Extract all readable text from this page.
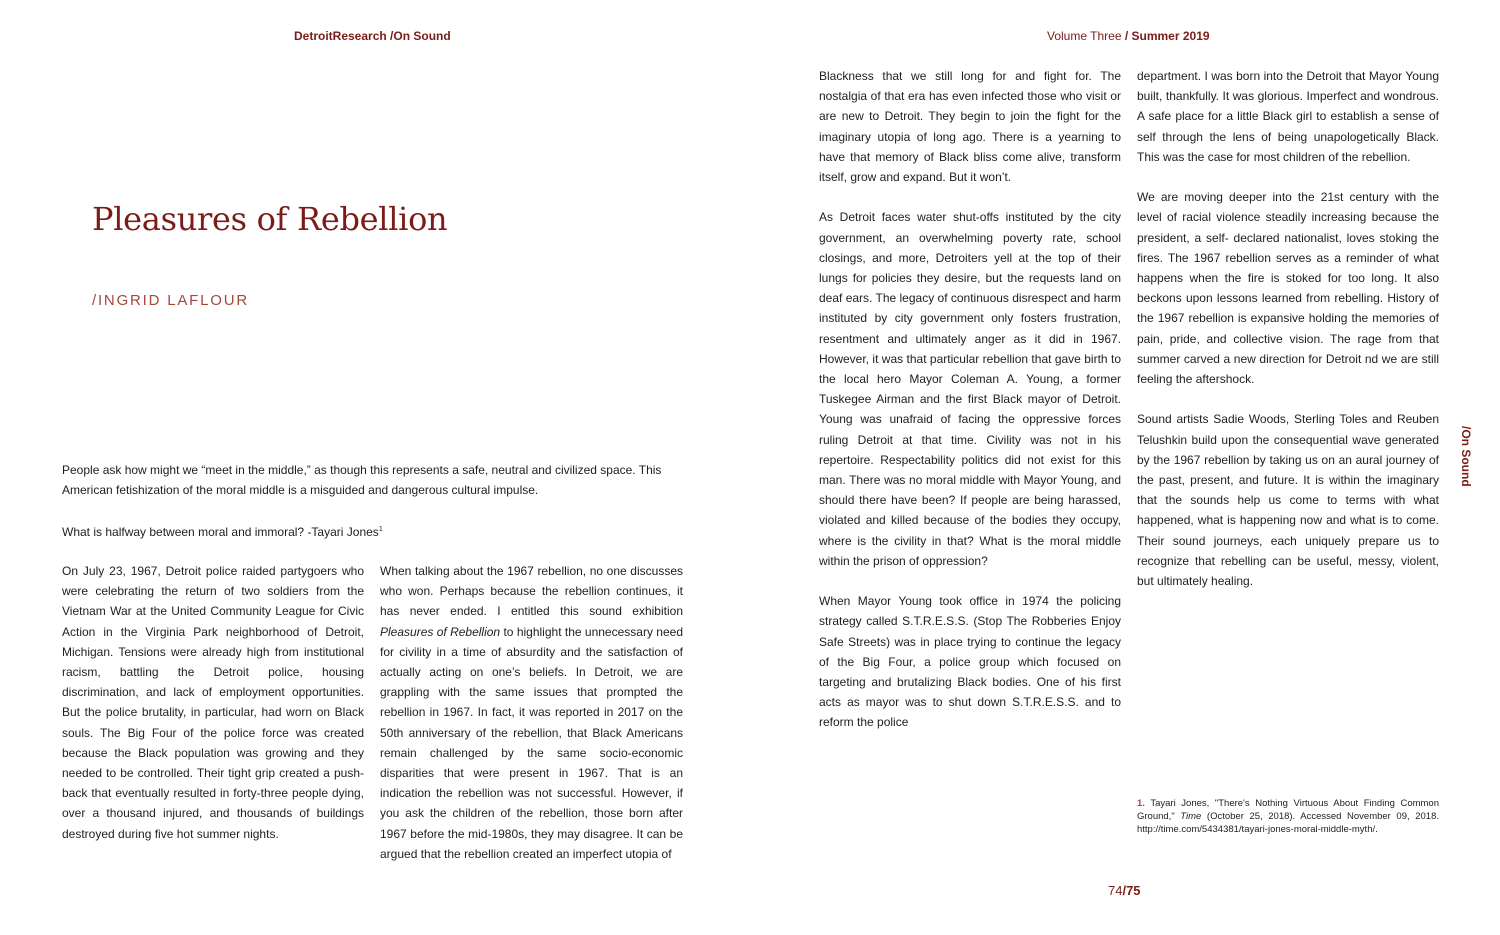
DetroitResearch /On Sound	Volume Three / Summer 2019
Pleasures of Rebellion
/INGRID LAFLOUR

People ask how might we “meet in the middle,” as though this represents a safe, neutral and civilized space. This American fetishization of the moral middle is a misguided and dangerous cultural impulse.

What is halfway between moral and immoral? -Tayari Jones$^1$

On July 23, 1967, Detroit police raided partygoers who were celebrating the return of two soldiers from the Vietnam War at the United Community League for Civic Action in the Virginia Park neighborhood of Detroit, Michigan. Tensions were already high from institutional racism, battling the Detroit police, housing discrimination, and lack of employment opportunities. But the police brutality, in particular, had worn on Black souls. The Big Four of the police force was created because the Black population was growing and they needed to be controlled. Their tight grip created a push-back that eventually resulted in forty-three people dying, over a thousand injured, and thousands of buildings destroyed during five hot summer nights.

When talking about the 1967 rebellion, no one discusses who won. Perhaps because the rebellion continues, it has never ended. I entitled this sound exhibition Pleasures of Rebellion to highlight the unnecessary need for civility in a time of absurdity and the satisfaction of actually acting on one’s beliefs. In Detroit, we are grappling with the same issues that prompted the rebellion in 1967. In fact, it was reported in 2017 on the 50th anniversary of the rebellion, that Black Americans remain challenged by the same socio-economic disparities that were present in 1967. That is an indication the rebellion was not successful. However, if you ask the children of the rebellion, those born after 1967 before the mid-1980s, they may disagree. It can be argued that the rebellion created an imperfect utopia of

Blackness that we still long for and fight for. The nostalgia of that era has even infected those who visit or are new to Detroit. They begin to join the fight for the imaginary utopia of long ago. There is a yearning to have that memory of Black bliss come alive, transform itself, grow and expand. But it won’t.

As Detroit faces water shut-offs instituted by the city government, an overwhelming poverty rate, school closings, and more, Detroiters yell at the top of their lungs for policies they desire, but the requests land on deaf ears. The legacy of continuous disrespect and harm instituted by city government only fosters frustration, resentment and ultimately anger as it did in 1967. However, it was that particular rebellion that gave birth to the local hero Mayor Coleman A. Young, a former Tuskegee Airman and the first Black mayor of Detroit. Young was unafraid of facing the oppressive forces ruling Detroit at that time. Civility was not in his repertoire. Respectability politics did not exist for this man. There was no moral middle with Mayor Young, and should there have been? If people are being harassed, violated and killed because of the bodies they occupy, where is the civility in that? What is the moral middle within the prison of oppression?

When Mayor Young took office in 1974 the policing strategy called S.T.R.E.S.S. (Stop The Robberies Enjoy Safe Streets) was in place trying to continue the legacy of the Big Four, a police group which focused on targeting and brutalizing Black bodies. One of his first acts as mayor was to shut down S.T.R.E.S.S. and to reform the police

department. I was born into the Detroit that Mayor Young built, thankfully. It was glorious. Imperfect and wondrous. A safe place for a little Black girl to establish a sense of self through the lens of being unapologetically Black. This was the case for most children of the rebellion.

We are moving deeper into the 21st century with the level of racial violence steadily increasing because the president, a self- declared nationalist, loves stoking the fires. The 1967 rebellion serves as a reminder of what happens when the fire is stoked for too long. It also beckons upon lessons learned from rebelling. History of the 1967 rebellion is expansive holding the memories of pain, pride, and collective vision. The rage from that summer carved a new direction for Detroit nd we are still feeling the aftershock.

Sound artists Sadie Woods, Sterling Toles and Reuben Telushkin build upon the consequential wave generated by the 1967 rebellion by taking us on an aural journey of the past, present, and future. It is within the imaginary that the sounds help us come to terms with what happened, what is happening now and what is to come. Their sound journeys, each uniquely prepare us to recognize that rebelling can be useful, messy, violent, but ultimately healing.

/On Sound
1. Tayari Jones, "There's Nothing Virtuous About Finding Common Ground," Time (October 25, 2018). Accessed November 09, 2018. http://time.com/5434381/tayari-jones-moral-middle-myth/.
74/75
